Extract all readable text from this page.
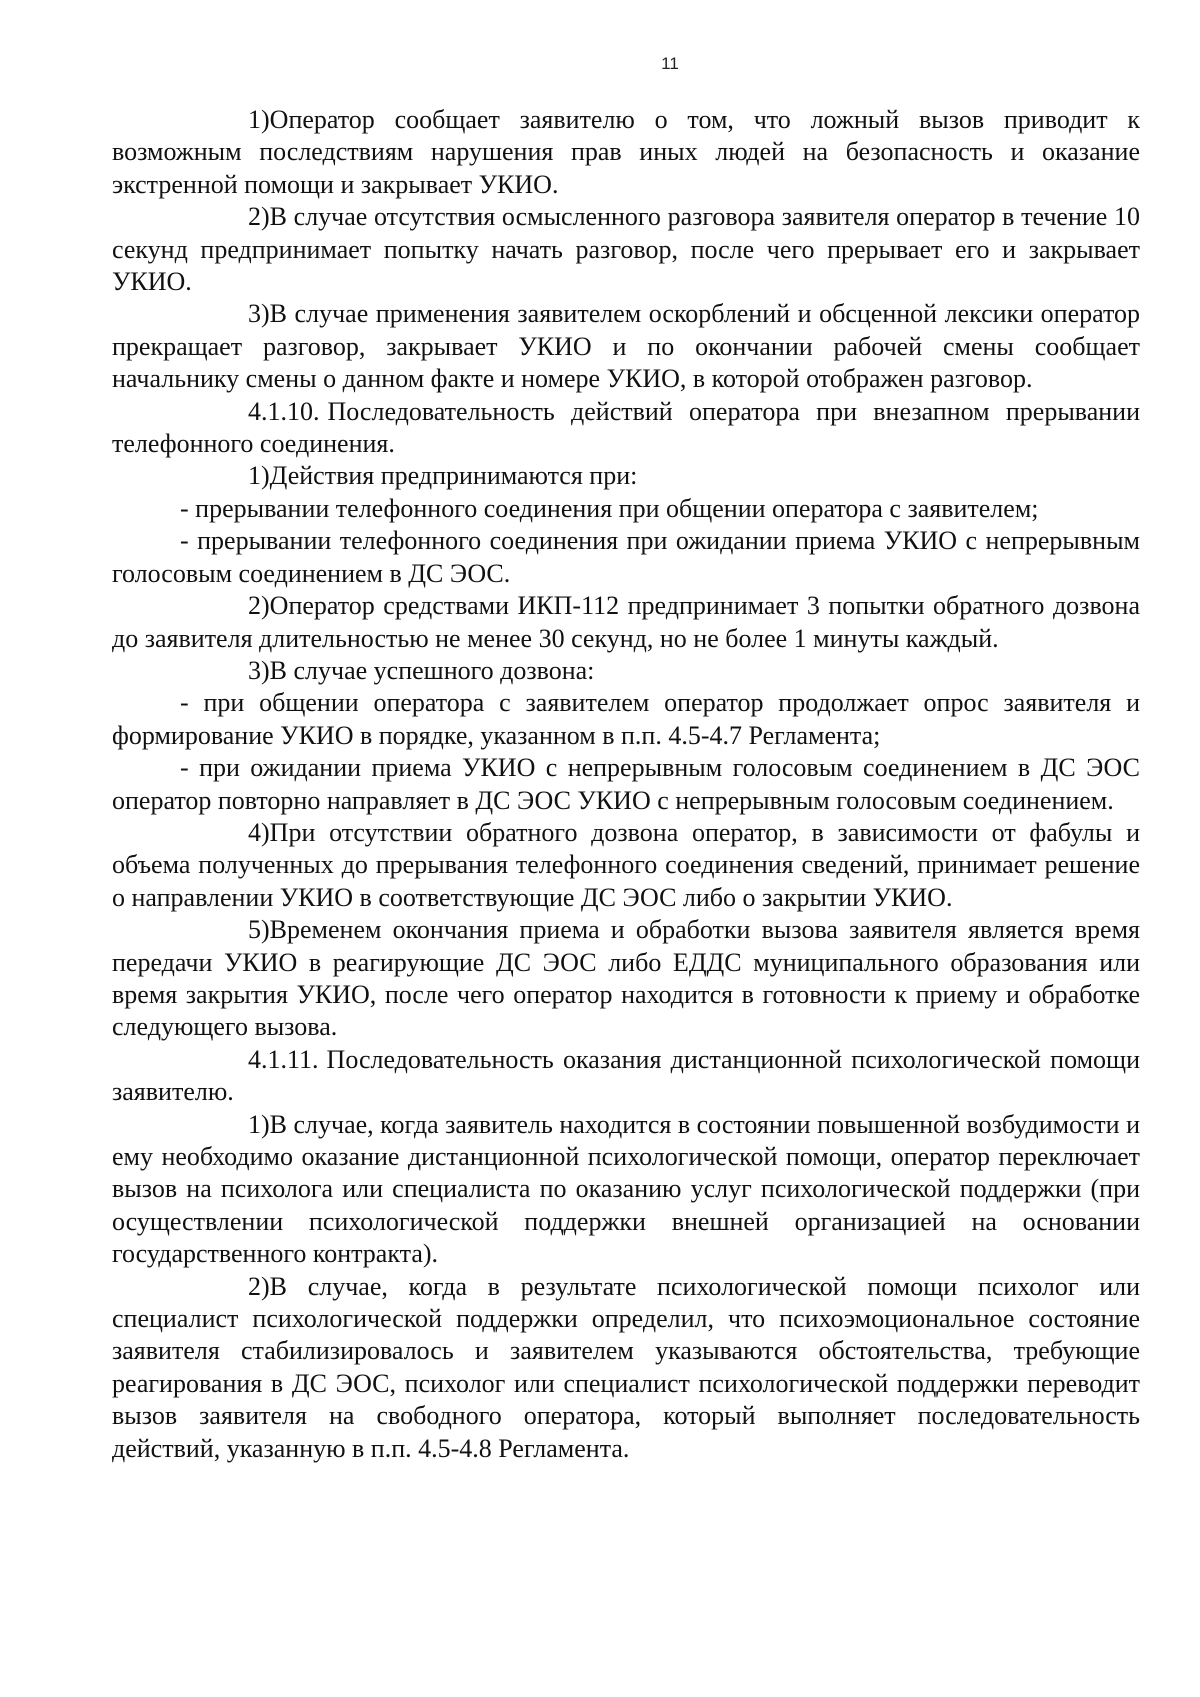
11

1)Оператор сообщает заявителю о том, что ложный вызов приводит к возможным последствиям нарушения прав иных людей на безопасность и оказание экстренной помощи и закрывает УКИО.

2)В случае отсутствия осмысленного разговора заявителя оператор в течение 10 секунд предпринимает попытку начать разговор, после чего прерывает его и закрывает УКИО.

3)В случае применения заявителем оскорблений и обсценной лексики оператор прекращает разговор, закрывает УКИО и по окончании рабочей смены сообщает начальнику смены о данном факте и номере УКИО, в которой отображен разговор.

4.1.10. Последовательность действий оператора при внезапном прерывании телефонного соединения.

1)Действия предпринимаются при:

- прерывании телефонного соединения при общении оператора с заявителем;

- прерывании телефонного соединения при ожидании приема УКИО с непрерывным голосовым соединением в ДС ЭОС.

2)Оператор средствами ИКП-112 предпринимает 3 попытки обратного дозвона до заявителя длительностью не менее 30 секунд, но не более 1 минуты каждый.

3)В случае успешного дозвона:

- при общении оператора с заявителем оператор продолжает опрос заявителя и формирование УКИО в порядке, указанном в п.п. 4.5-4.7 Регламента;

- при ожидании приема УКИО с непрерывным голосовым соединением в ДС ЭОС оператор повторно направляет в ДС ЭОС УКИО с непрерывным голосовым соединением.

4)При отсутствии обратного дозвона оператор, в зависимости от фабулы и объема полученных до прерывания телефонного соединения сведений, принимает решение о направлении УКИО в соответствующие ДС ЭОС либо о закрытии УКИО.

5)Временем окончания приема и обработки вызова заявителя является время передачи УКИО в реагирующие ДС ЭОС либо ЕДДС муниципального образования или время закрытия УКИО, после чего оператор находится в готовности к приему и обработке следующего вызова.

4.1.11. Последовательность оказания дистанционной психологической помощи заявителю.

1)В случае, когда заявитель находится в состоянии повышенной возбудимости и ему необходимо оказание дистанционной психологической помощи, оператор переключает вызов на психолога или специалиста по оказанию услуг психологической поддержки (при осуществлении психологической поддержки внешней организацией на основании государственного контракта).

2)В случае, когда в результате психологической помощи психолог или специалист психологической поддержки определил, что психоэмоциональное состояние заявителя стабилизировалось и заявителем указываются обстоятельства, требующие реагирования в ДС ЭОС, психолог или специалист психологической поддержки переводит вызов заявителя на свободного оператора, который выполняет последовательность действий, указанную в п.п. 4.5-4.8 Регламента.
